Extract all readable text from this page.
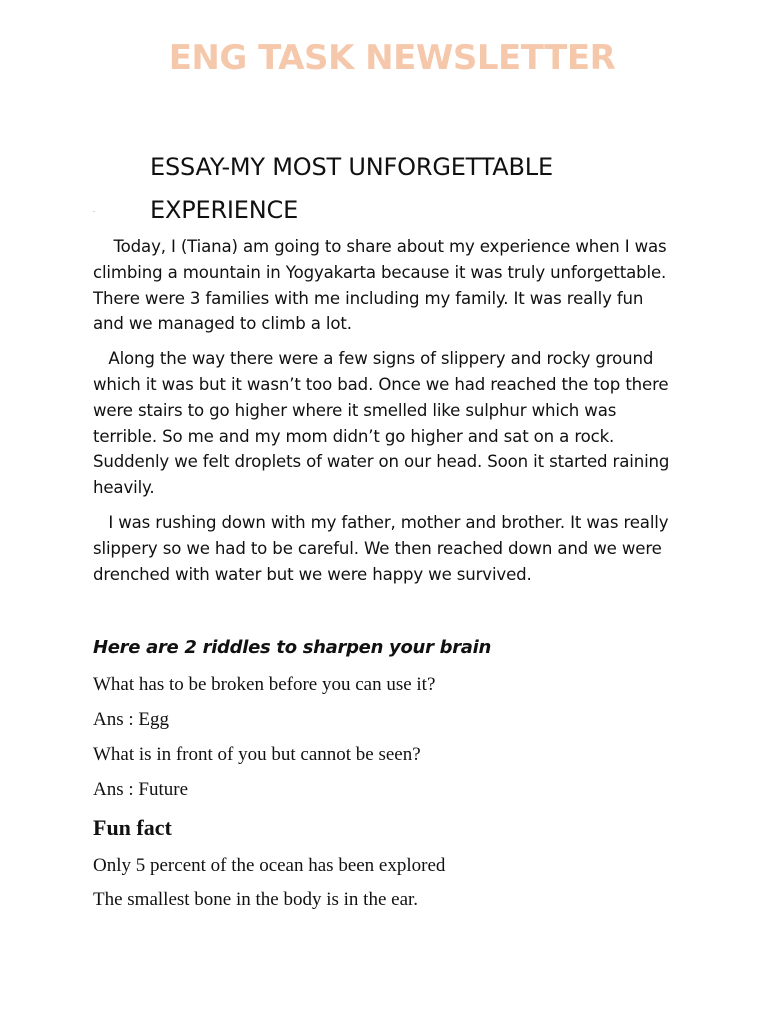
ENG TASK NEWSLETTER
ESSAY-MY MOST UNFORGETTABLE
EXPERIENCE
.

Today, I (Tiana) am going to share about my experience when I was climbing a mountain in Yogyakarta because it was truly unforgettable. There were 3 families with me including my family. It was really fun and we managed to climb a lot.

Along the way there were a few signs of slippery and rocky ground which it was but it wasn’t too bad. Once we had reached the top there were stairs to go higher where it smelled like sulphur which was terrible. So me and my mom didn’t go higher and sat on a rock. Suddenly we felt droplets of water on our head. Soon it started raining heavily.

I was rushing down with my father, mother and brother. It was really slippery so we had to be careful. We then reached down and we were drenched with water but we were happy we survived.

Here are 2 riddles to sharpen your brain
What has to be broken before you can use it?
Ans : Egg
What is in front of you but cannot be seen?
Ans : Future
Fun fact
Only 5 percent of the ocean has been explored
The smallest bone in the body is in the ear.
